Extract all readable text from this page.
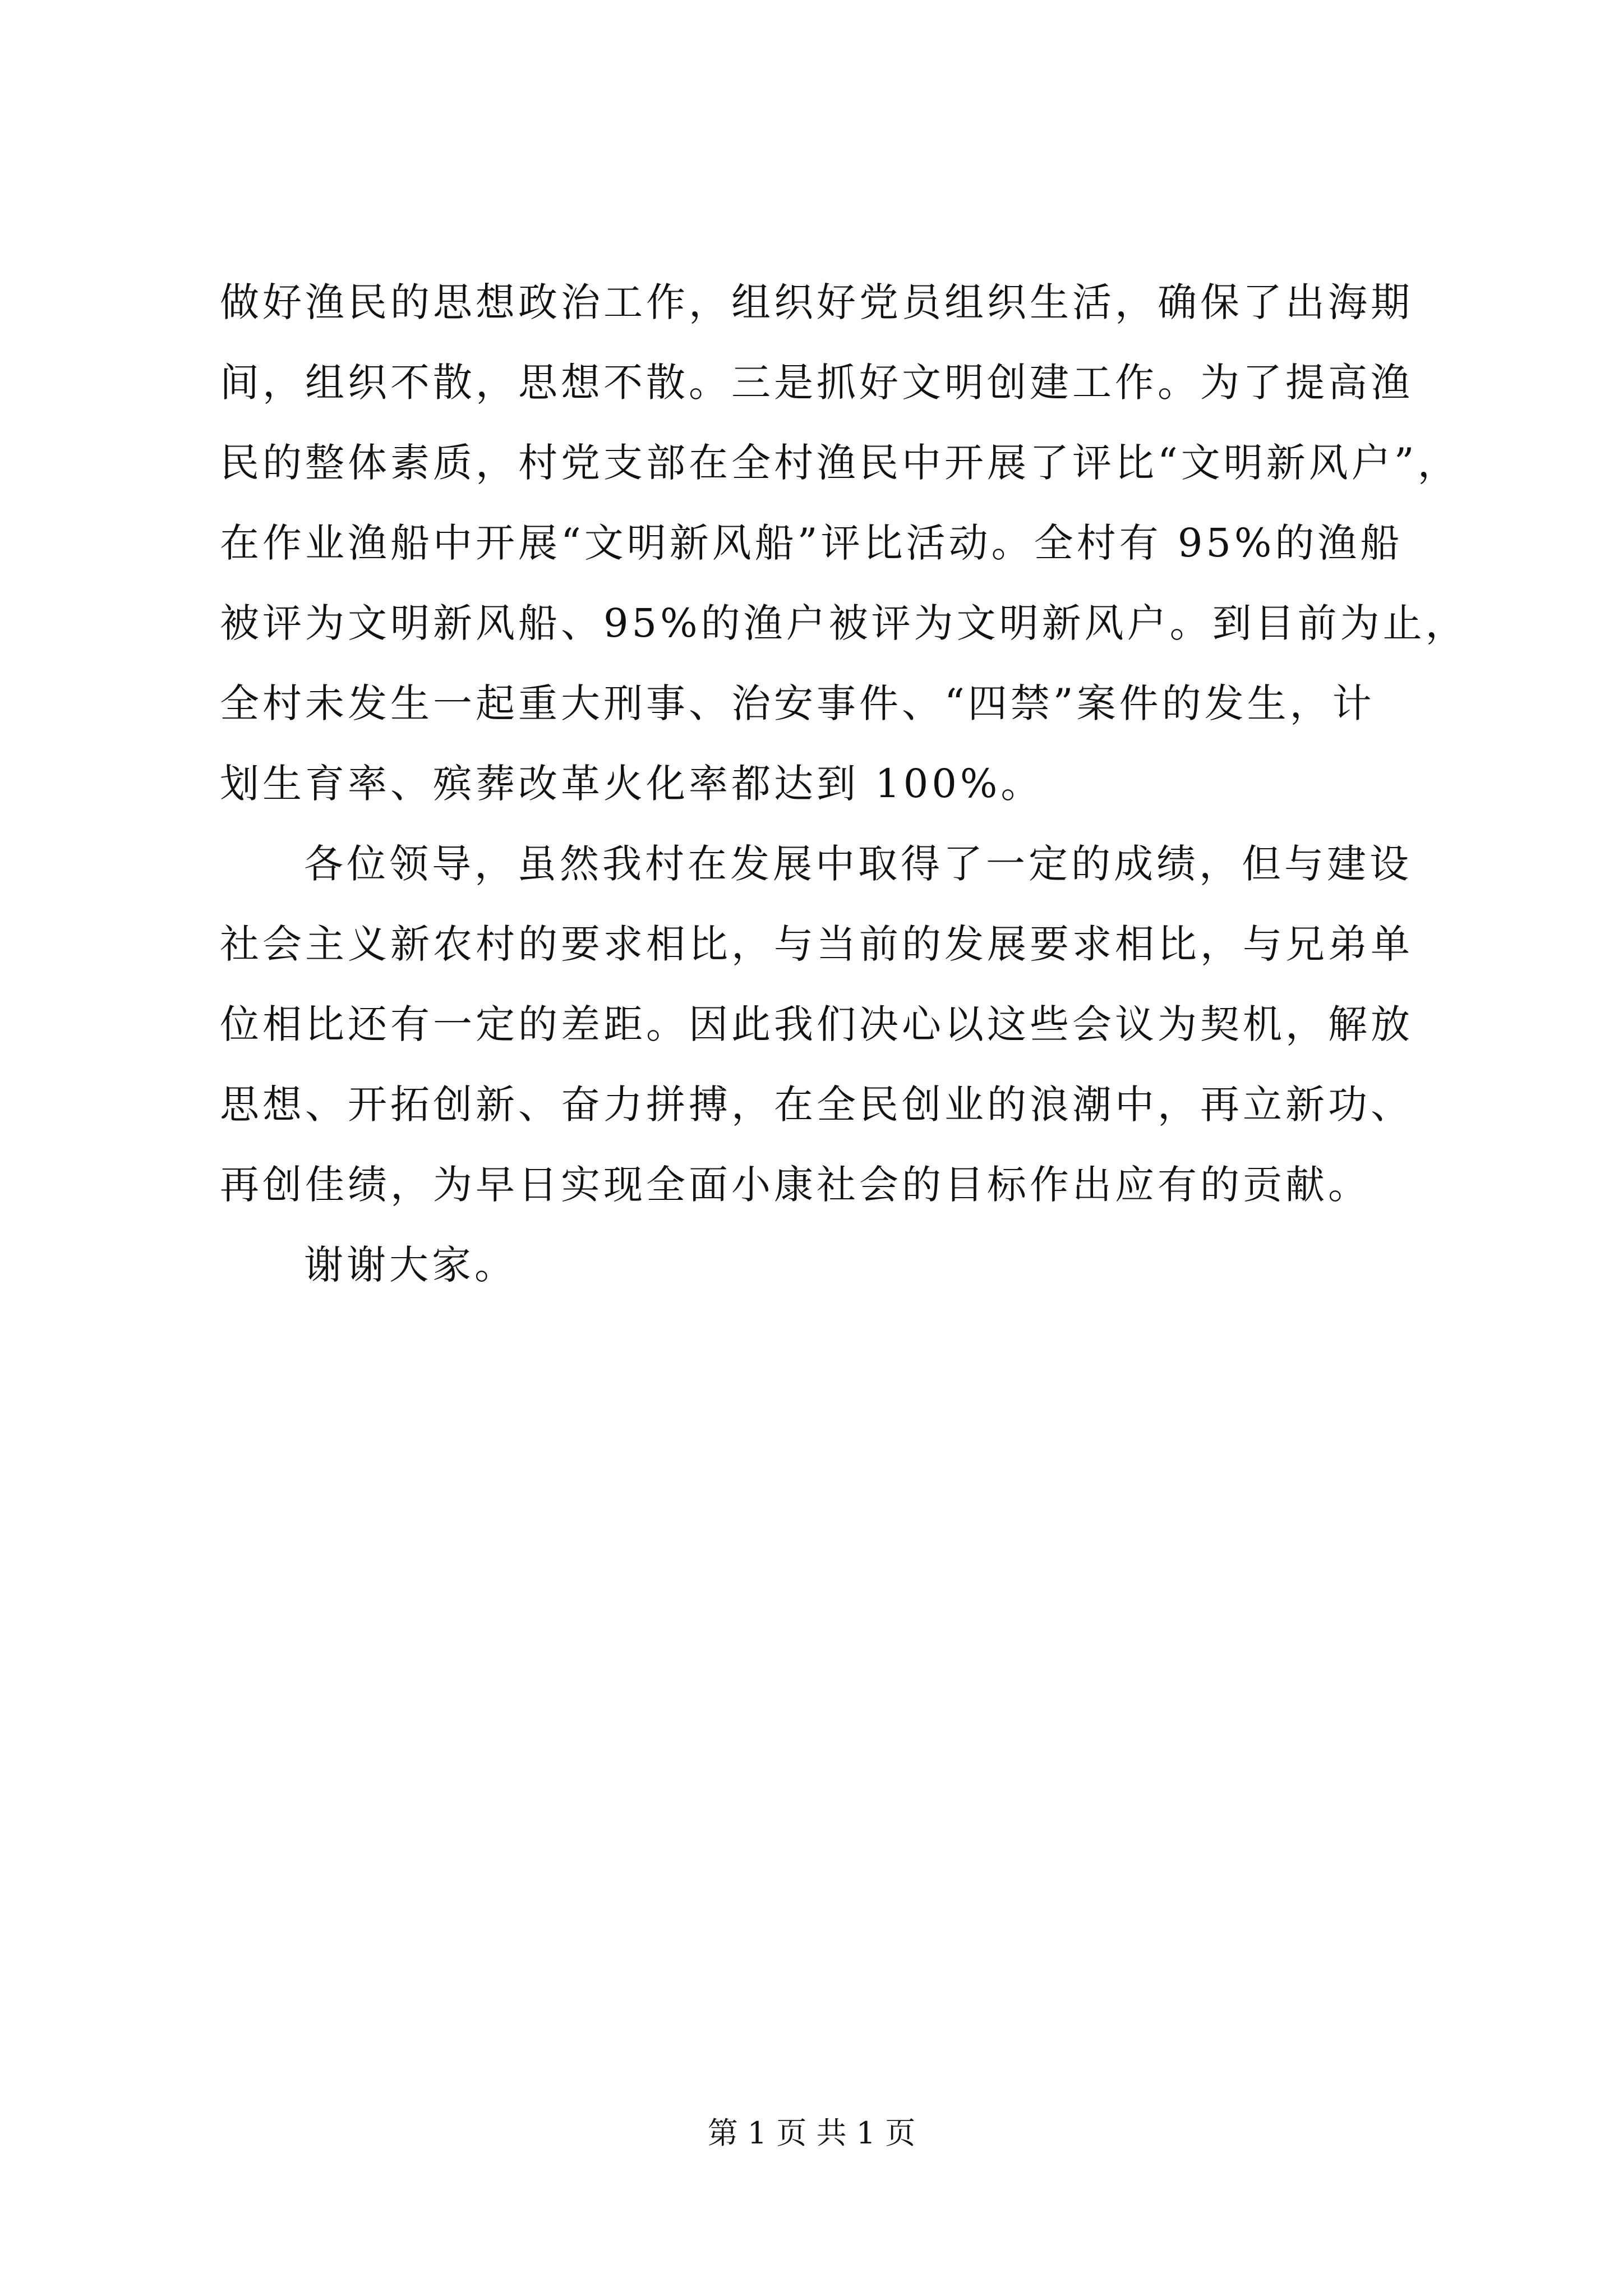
做好渔民的思想政治工作，组织好党员组织生活，确保了出海期
间，组织不散，思想不散。三是抓好文明创建工作。为了提高渔
民的整体素质，村党支部在全村渔民中开展了评比“文明新风户”，
在作业渔船中开展“文明新风船”评比活动。全村有 95%的渔船
被评为文明新风船、95%的渔户被评为文明新风户。到目前为止，
全村未发生一起重大刑事、治安事件、“四禁”案件的发生，计
划生育率、殡葬改革火化率都达到 100%。
各位领导，虽然我村在发展中取得了一定的成绩，但与建设
社会主义新农村的要求相比，与当前的发展要求相比，与兄弟单
位相比还有一定的差距。因此我们决心以这些会议为契机，解放
思想、开拓创新、奋力拼搏，在全民创业的浪潮中，再立新功、
再创佳绩，为早日实现全面小康社会的目标作出应有的贡献。
谢谢大家。
第 1 页 共 1 页
